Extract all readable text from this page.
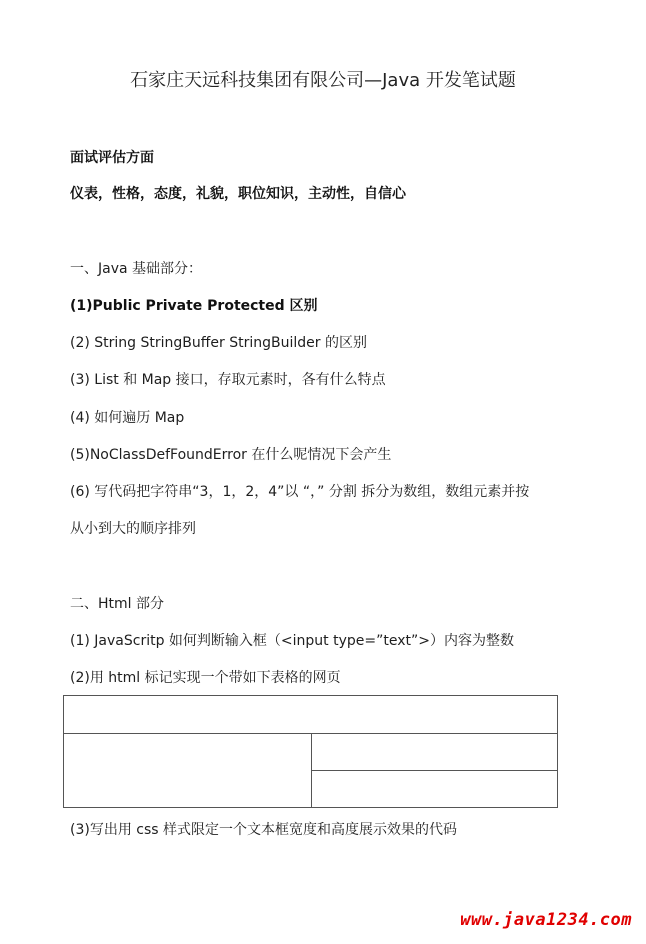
石家庄天远科技集团有限公司—Java 开发笔试题
面试评估方面
仪表，性格，态度，礼貌，职位知识，主动性，自信心
一、Java 基础部分：
(1)Public Private Protected 区别
(2) String StringBuffer StringBuilder 的区别
(3) List 和 Map 接口，存取元素时，各有什么特点
(4) 如何遍历 Map
(5)NoClassDefFoundError 在什么呢情况下会产生
(6) 写代码把字符串“3，1，2，4”以 “，” 分割 拆分为数组，数组元素并按
从小到大的顺序排列
二、Html 部分
(1) JavaScritp 如何判断输入框（<input type=”text”>）内容为整数
(2)用 html 标记实现一个带如下表格的网页
(3)写出用 css 样式限定一个文本框宽度和高度展示效果的代码
www.java1234.com
